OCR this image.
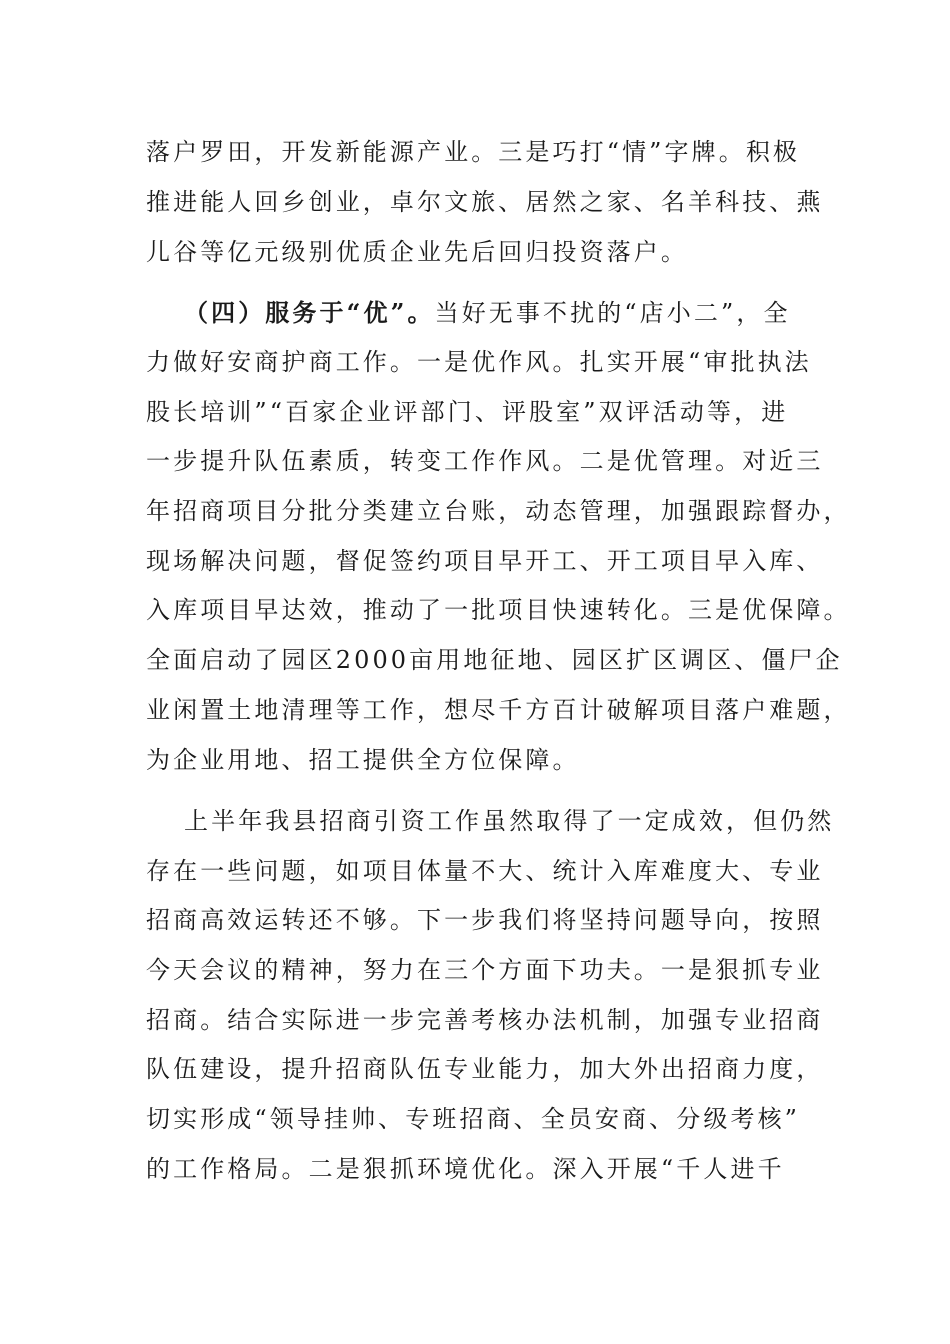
落户罗田，开发新能源产业。三是巧打“情”字牌。积极
推进能人回乡创业，卓尔文旅、居然之家、名羊科技、燕
儿谷等亿元级别优质企业先后回归投资落户。
（四）服务于“优”。当好无事不扰的“店小二”，全
力做好安商护商工作。一是优作风。扎实开展“审批执法
股长培训”“百家企业评部门、评股室”双评活动等，进
一步提升队伍素质，转变工作作风。二是优管理。对近三
年招商项目分批分类建立台账，动态管理，加强跟踪督办，
现场解决问题，督促签约项目早开工、开工项目早入库、
入库项目早达效，推动了一批项目快速转化。三是优保障。
全面启动了园区2000亩用地征地、园区扩区调区、僵尸企
业闲置土地清理等工作，想尽千方百计破解项目落户难题，
为企业用地、招工提供全方位保障。
上半年我县招商引资工作虽然取得了一定成效，但仍然
存在一些问题，如项目体量不大、统计入库难度大、专业
招商高效运转还不够。下一步我们将坚持问题导向，按照
今天会议的精神，努力在三个方面下功夫。一是狠抓专业
招商。结合实际进一步完善考核办法机制，加强专业招商
队伍建设，提升招商队伍专业能力，加大外出招商力度，
切实形成“领导挂帅、专班招商、全员安商、分级考核”
的工作格局。二是狠抓环境优化。深入开展“千人进千
